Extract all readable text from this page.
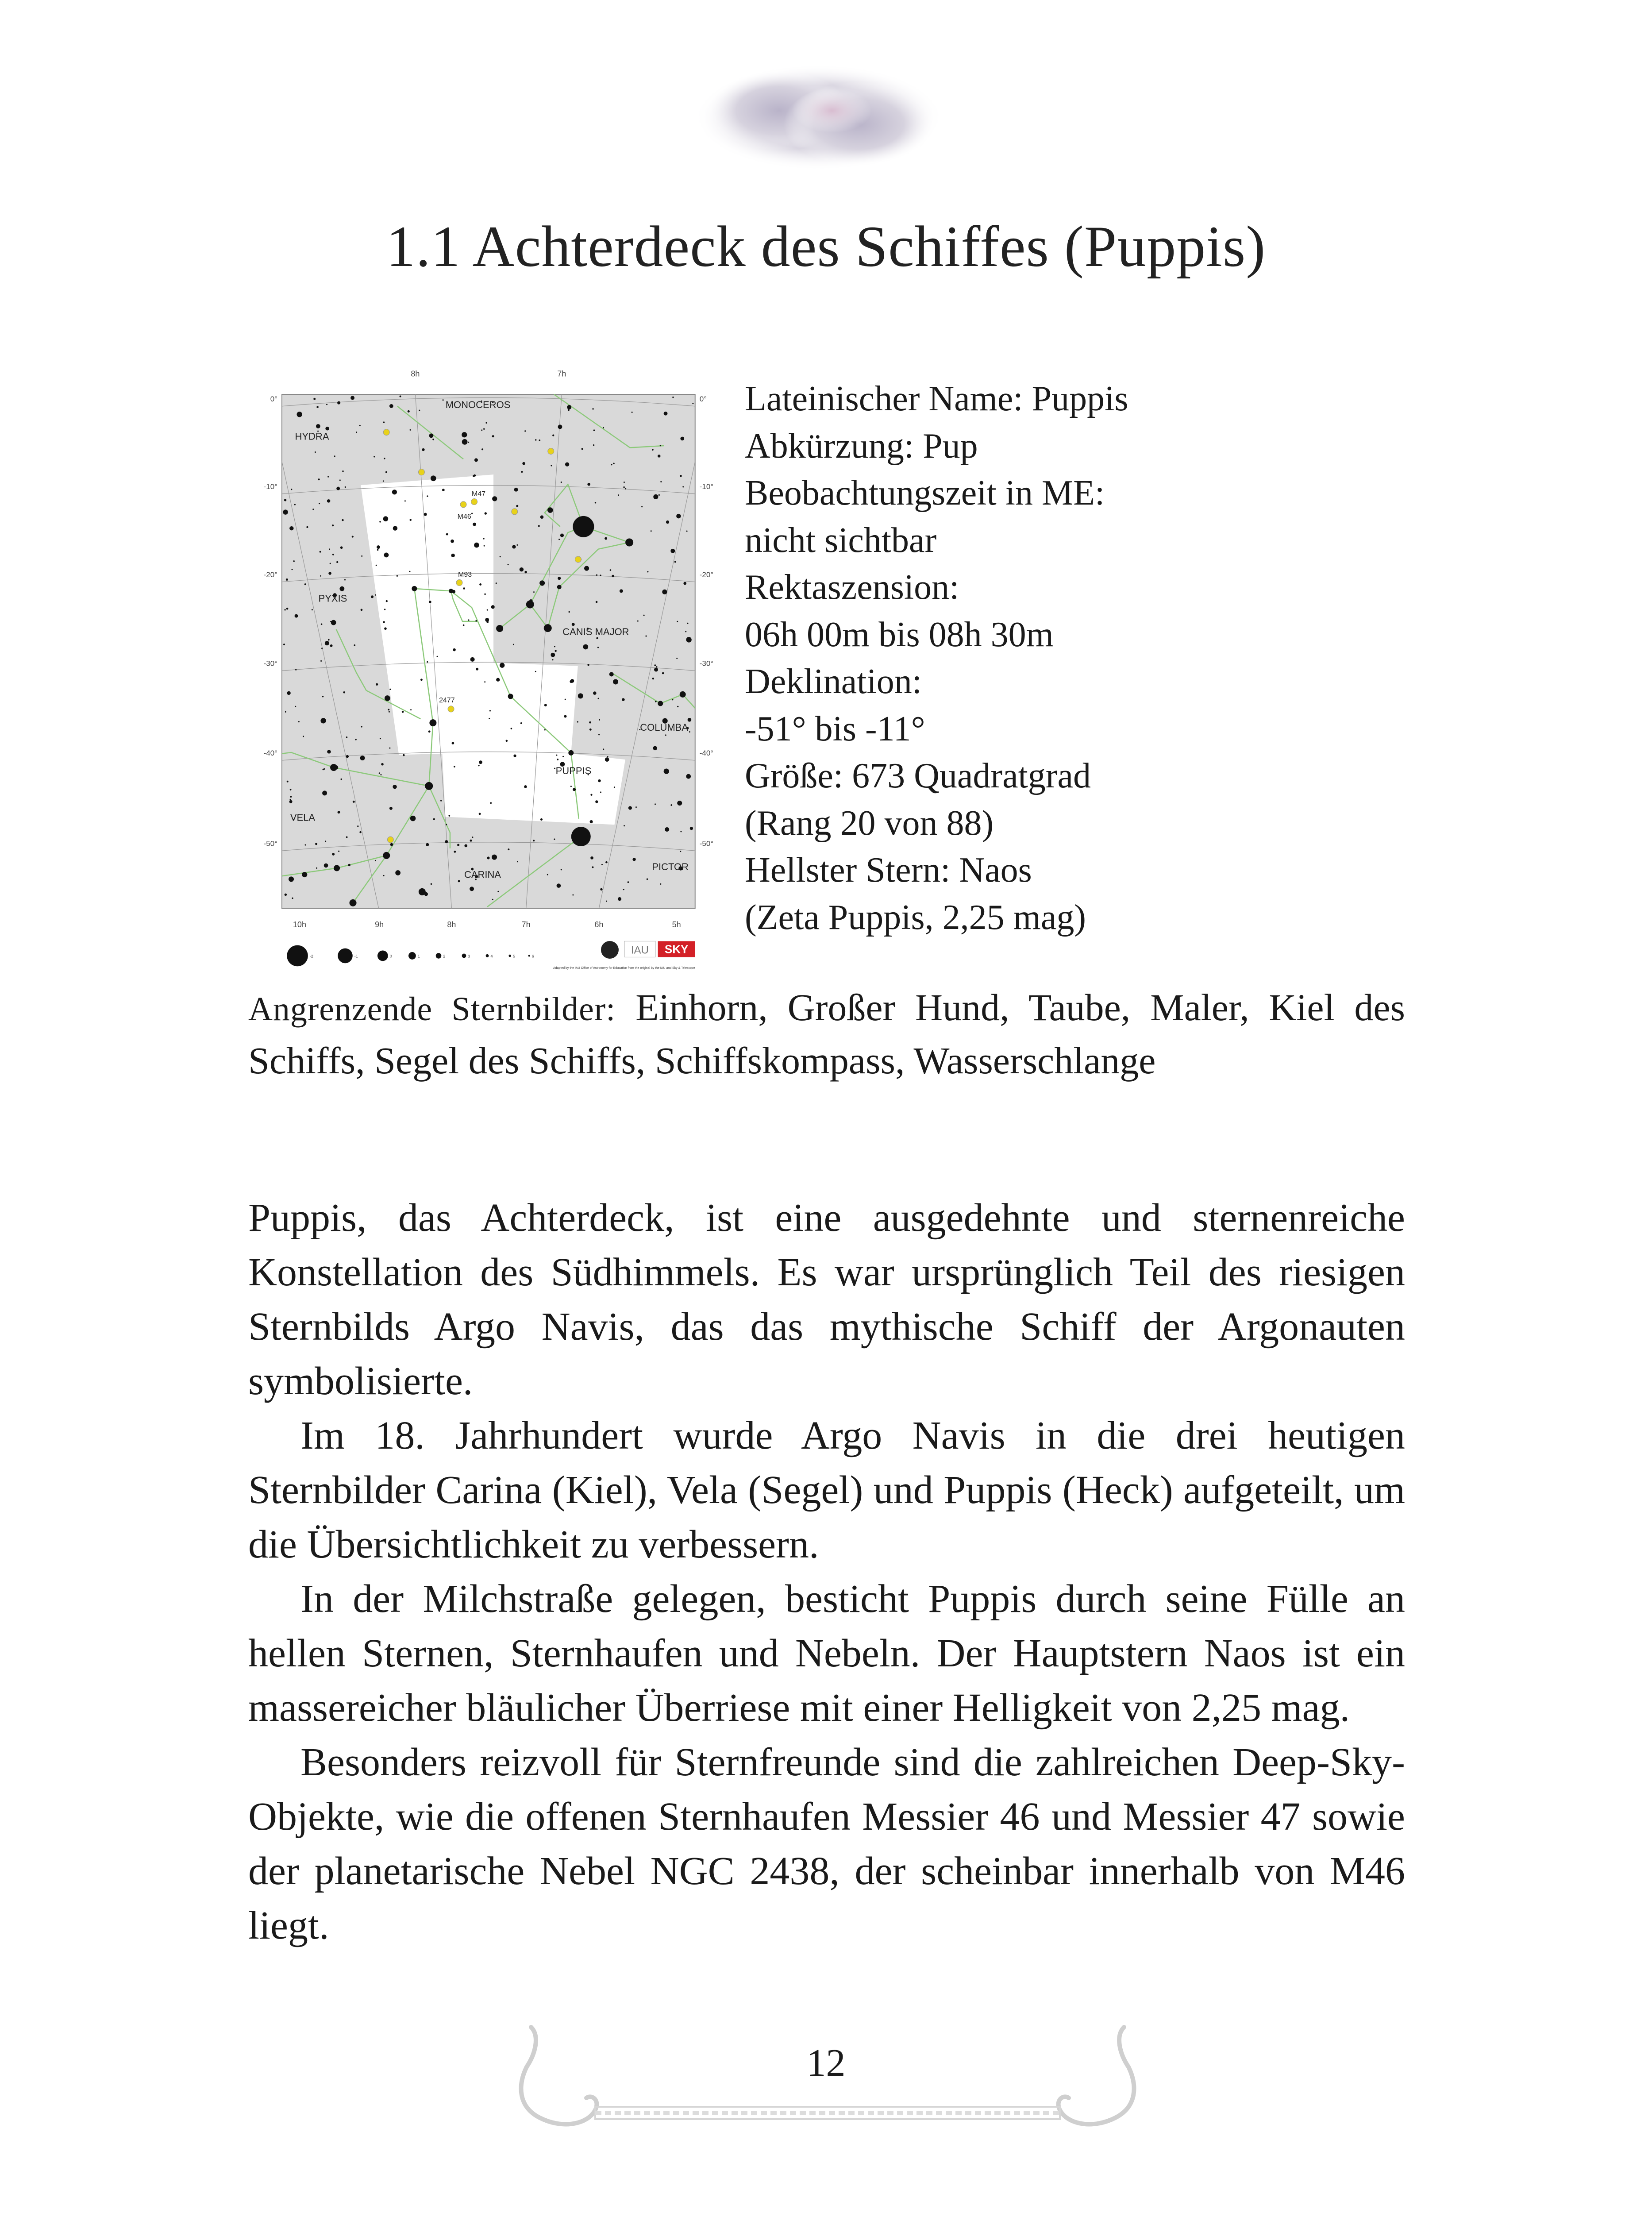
1.1 Achterdeck des Schiffes (Puppis)
MONOCEROS
HYDRA
PYXIS
CANIS MAJOR
COLUMBA
PUPPIS
VELA
CARINA
PICTOR
M47
M46
M93
2477
8h	7h
10h	9h	8h	7h	6h	5h
0°	0°
-10°	-10°
-20°	-20°
-30°	-30°
-40°	-40°
-50°	-50°
-2	-1	0	1	2	3	4	5	6
Adapted by the IAU Office of Astronomy for Education from the original by the IAU and Sky & Telescope
IAU SKY
Lateinischer Name: Puppis
Abkürzung: Pup
Beobachtungszeit in ME:
nicht sichtbar
Rektaszension:
06h 00m bis 08h 30m
Deklination:
-51° bis -11°
Größe: 673 Quadratgrad
(Rang 20 von 88)
Hellster Stern: Naos
(Zeta Puppis, 2,25 mag)
Angrenzende Sternbilder: Einhorn, Großer Hund, Taube, Maler, Kiel des Schiffs, Segel des Schiffs, Schiffskompass, Wasserschlange

Puppis, das Achterdeck, ist eine ausgedehnte und sternenreiche Konstellation des Südhimmels. Es war ursprünglich Teil des riesigen Sternbilds Argo Navis, das das mythische Schiff der Argonauten symbolisierte.

Im 18. Jahrhundert wurde Argo Navis in die drei heutigen Sternbilder Carina (Kiel), Vela (Segel) und Puppis (Heck) aufgeteilt, um die Übersichtlichkeit zu verbessern.

In der Milchstraße gelegen, besticht Puppis durch seine Fülle an hellen Sternen, Sternhaufen und Nebeln. Der Hauptstern Naos ist ein massereicher bläulicher Überriese mit einer Helligkeit von 2,25 mag.

Besonders reizvoll für Sternfreunde sind die zahlreichen Deep-Sky-Objekte, wie die offenen Sternhaufen Messier 46 und Messier 47 sowie der planetarische Nebel NGC 2438, der scheinbar innerhalb von M46 liegt.

12
